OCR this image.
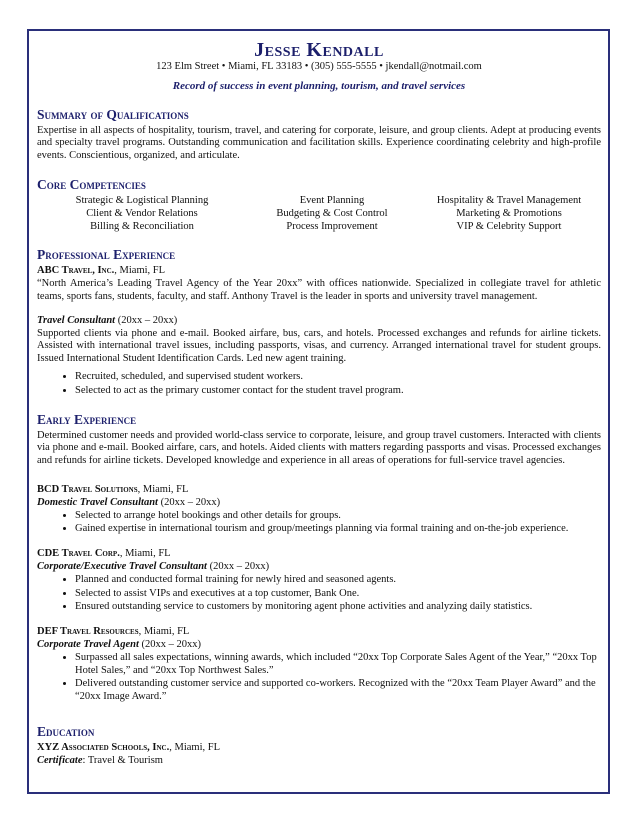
Jesse Kendall
123 Elm Street • Miami, FL 33183 • (305) 555-5555 • jkendall@notmail.com
Record of success in event planning, tourism, and travel services
Summary of Qualifications

Expertise in all aspects of hospitality, tourism, travel, and catering for corporate, leisure, and group clients. Adept at producing events and specialty travel programs. Outstanding communication and facilitation skills. Experience coordinating celebrity and high-profile events. Conscientious, organized, and articulate.

Core Competencies
Strategic & Logistical Planning	Event Planning	Hospitality & Travel Management
Client & Vendor Relations	Budgeting & Cost Control	Marketing & Promotions
Billing & Reconciliation	Process Improvement	VIP & Celebrity Support
Professional Experience
ABC Travel, Inc., Miami, FL

“North America’s Leading Travel Agency of the Year 20xx” with offices nationwide. Specialized in collegiate travel for athletic teams, sports fans, students, faculty, and staff. Anthony Travel is the leader in sports and university travel management.

Travel Consultant (20xx – 20xx)

Supported clients via phone and e-mail. Booked airfare, bus, cars, and hotels. Processed exchanges and refunds for airline tickets. Assisted with international travel issues, including passports, visas, and currency. Arranged international travel for student groups. Issued International Student Identification Cards. Led new agent training.

• Recruited, scheduled, and supervised student workers.
• Selected to act as the primary customer contact for the student travel program.
Early Experience

Determined customer needs and provided world-class service to corporate, leisure, and group travel customers. Interacted with clients via phone and e-mail. Booked airfare, cars, and hotels. Aided clients with matters regarding passports and visas. Processed exchanges and refunds for airline tickets. Developed knowledge and experience in all areas of operations for full-service travel agencies.

BCD Travel Solutions, Miami, FL
Domestic Travel Consultant (20xx – 20xx)
• Selected to arrange hotel bookings and other details for groups.
• Gained expertise in international tourism and group/meetings planning via formal training and on-the-job experience.
CDE Travel Corp., Miami, FL
Corporate/Executive Travel Consultant (20xx – 20xx)
• Planned and conducted formal training for newly hired and seasoned agents.
• Selected to assist VIPs and executives at a top customer, Bank One.
• Ensured outstanding service to customers by monitoring agent phone activities and analyzing daily statistics.
DEF Travel Resources, Miami, FL
Corporate Travel Agent (20xx – 20xx)
• Surpassed all sales expectations, winning awards, which included “20xx Top Corporate Sales Agent of the Year,” “20xx Top Hotel Sales,” and “20xx Top Northwest Sales.”
• Delivered outstanding customer service and supported co-workers. Recognized with the “20xx Team Player Award” and the “20xx Image Award.”
Education
XYZ Associated Schools, Inc., Miami, FL
Certificate: Travel & Tourism
